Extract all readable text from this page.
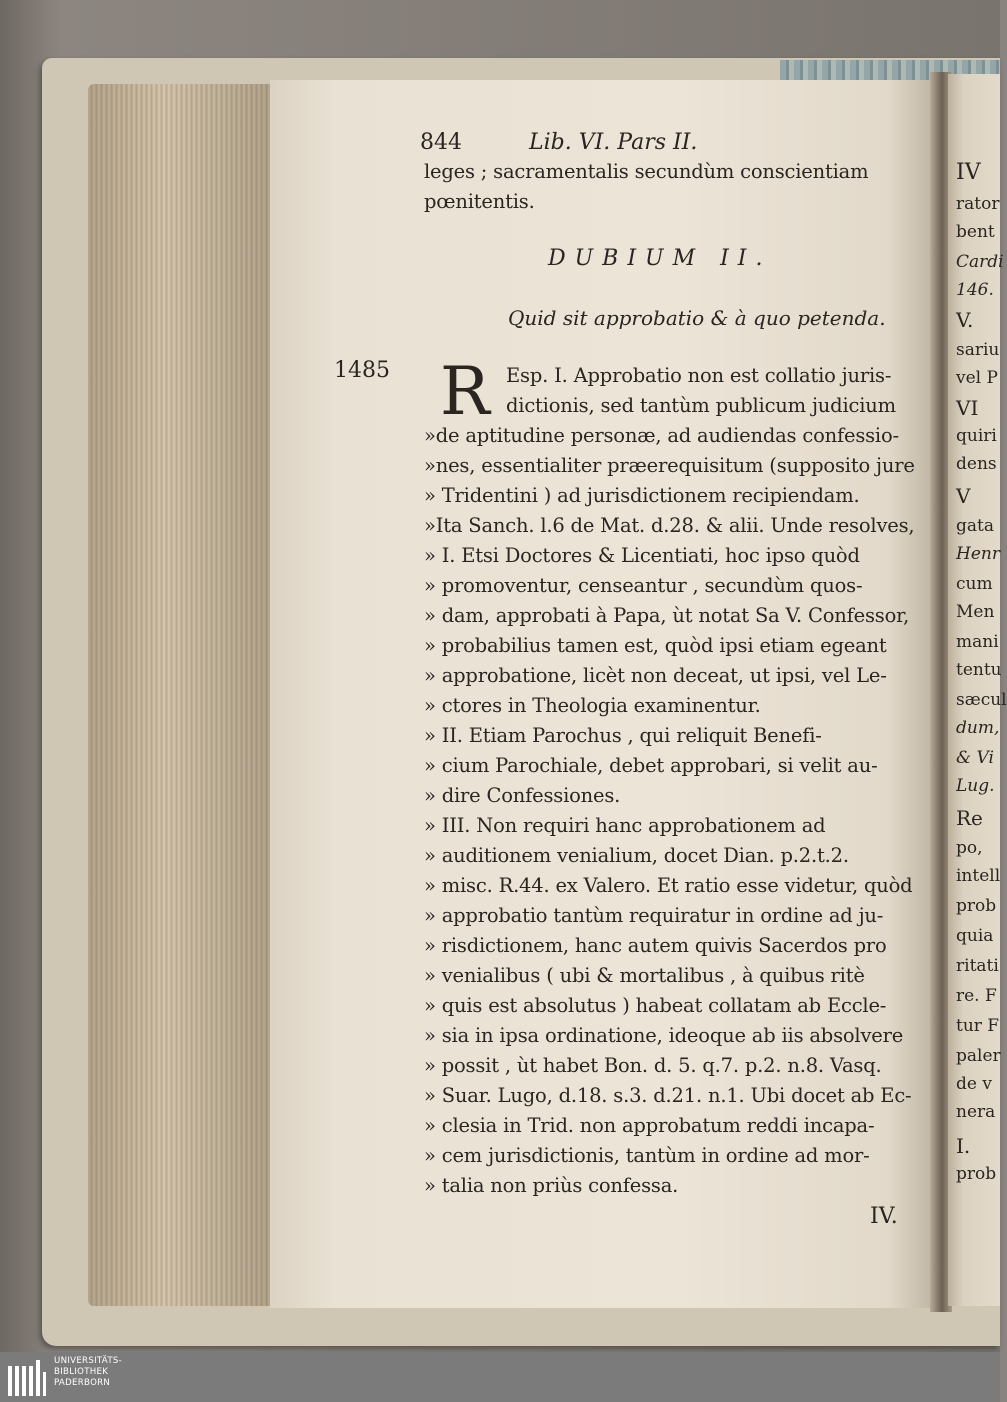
844	Lib. VI. Pars II.
leges ; sacramentalis secundùm conscientiam
pœnitentis.
DUBIUM II.
Quid sit approbatio & à quo petenda.
1485 R Esp. I. Approbatio non est collatio juris-
dictionis, sed tantùm publicum judicium
»de aptitudine personæ, ad audiendas confessio-
»nes, essentialiter præerequisitum (supposito jure
» Tridentini ) ad jurisdictionem recipiendam.
»Ita Sanch. l.6 de Mat. d.28. & alii. Unde resolves,
» I. Etsi Doctores & Licentiati, hoc ipso quòd
» promoventur, censeantur , secundùm quos-
» dam, approbati à Papa, ùt notat Sa V. Confessor,
» probabilius tamen est, quòd ipsi etiam egeant
» approbatione, licèt non deceat, ut ipsi, vel Le-
» ctores in Theologia examinentur.
» II. Etiam Parochus , qui reliquit Benefi-
» cium Parochiale, debet approbari, si velit au-
» dire Confessiones.
» III. Non requiri hanc approbationem ad
» auditionem venialium, docet Dian. p.2.t.2.
» misc. R.44. ex Valero. Et ratio esse videtur, quòd
» approbatio tantùm requiratur in ordine ad ju-
» risdictionem, hanc autem quivis Sacerdos pro
» venialibus ( ubi & mortalibus , à quibus ritè
» quis est absolutus ) habeat collatam ab Eccle-
» sia in ipsa ordinatione, ideoque ab iis absolvere
» possit , ùt habet Bon. d. 5. q.7. p.2. n.8. Vasq.
» Suar. Lugo, d.18. s.3. d.21. n.1. Ubi docet ab Ec-
» clesia in Trid. non approbatum reddi incapa-
» cem jurisdictionis, tantùm in ordine ad mor-
» talia non priùs confessa.
IV.
IV
rator
bent
Cardi
146.
V.
sariu
vel P
VI
quiri
dens
V
gata
Henr
cum
Men
mani
tentu
sæcul
dum,
& Vi
Lug.
Re
po,
intell
prob
quia
ritati
re. F
tur F
paler
de v
nera
I.
prob
UNIVERSITÄTS-
BIBLIOTHEK
PADERBORN
